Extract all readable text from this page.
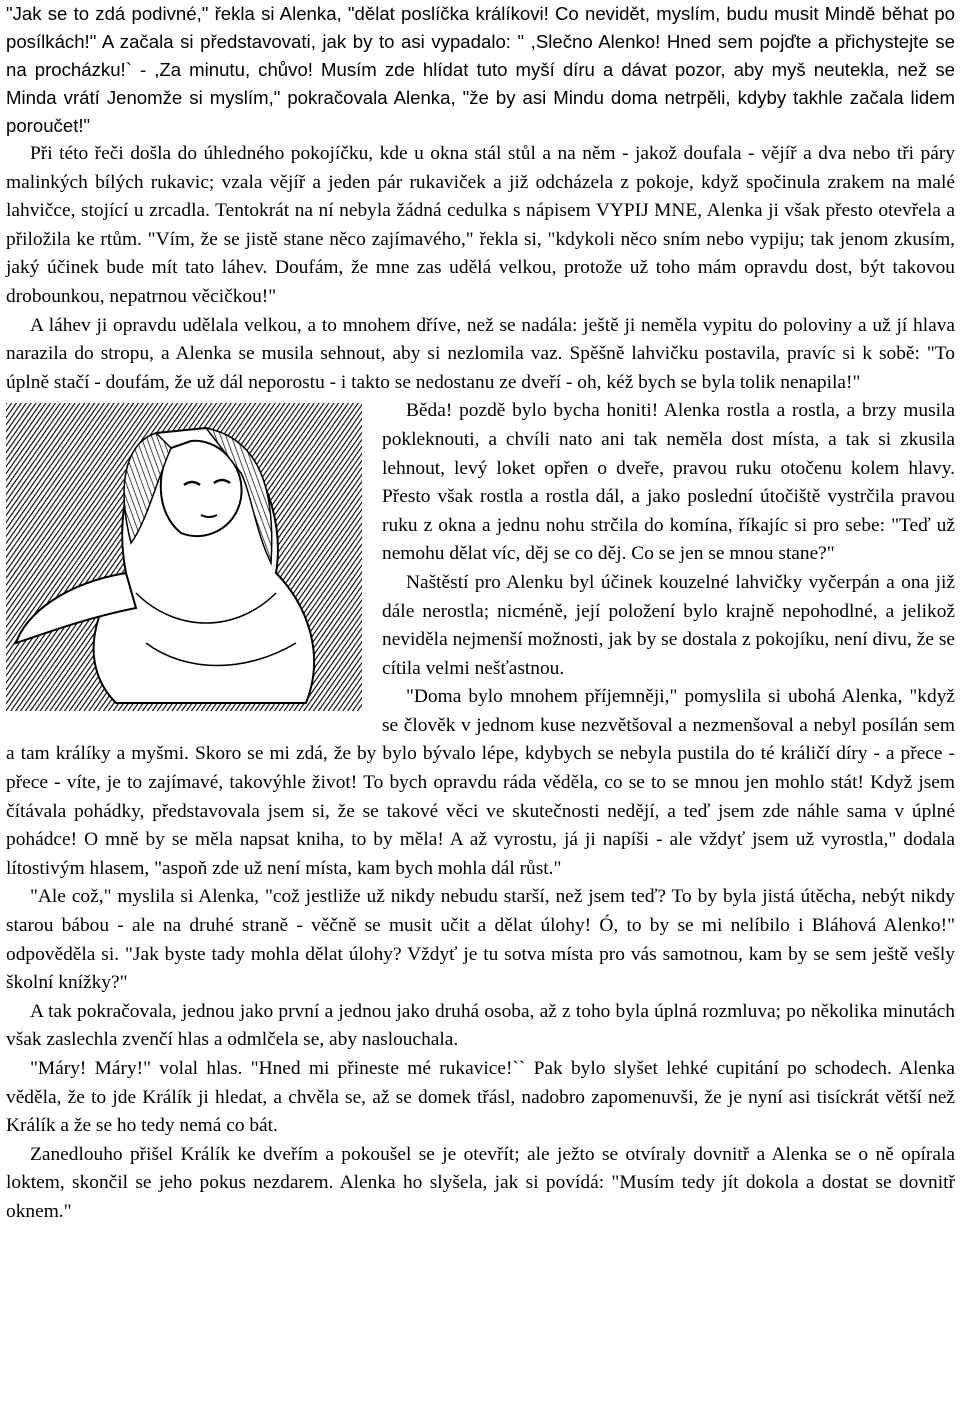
"Jak se to zdá podivné," řekla si Alenka, "dělat poslíčka králíkovi! Co nevidět, myslím, budu musit Mindě běhat po posílkách!" A začala si představovati, jak by to asi vypadalo: " ,Slečno Alenko! Hned sem pojďte a přichystejte se na procházku!` - ,Za minutu, chůvo! Musím zde hlídat tuto myší díru a dávat pozor, aby myš neutekla, než se Minda vrátí Jenomže si myslím," pokračovala Alenka, "že by asi Mindu doma netrpěli, kdyby takhle začala lidem poroučet!"

Při této řeči došla do úhledného pokojíčku, kde u okna stál stůl a na něm - jakož doufala - vějíř a dva nebo tři páry malinkých bílých rukavic; vzala vějíř a jeden pár rukaviček a již odcházela z pokoje, když spočinula zrakem na malé lahvičce, stojící u zrcadla. Tentokrát na ní nebyla žádná cedulka s nápisem VYPIJ MNE, Alenka ji však přesto otevřela a přiložila ke rtům. "Vím, že se jistě stane něco zajímavého," řekla si, "kdykoli něco sním nebo vypiju; tak jenom zkusím, jaký účinek bude mít tato láhev. Doufám, že mne zas udělá velkou, protože už toho mám opravdu dost, být takovou drobounkou, nepatrnou věcičkou!"

A láhev ji opravdu udělala velkou, a to mnohem dříve, než se nadála: ještě ji neměla vypitu do poloviny a už jí hlava narazila do stropu, a Alenka se musila sehnout, aby si nezlomila vaz. Spěšně lahvičku postavila, pravíc si k sobě: "To úplně stačí - doufám, že už dál neporostu - i takto se nedostanu ze dveří - oh, kéž bych se byla tolik nenapila!"

Běda! pozdě bylo bycha honiti! Alenka rostla a rostla, a brzy musila pokleknouti, a chvíli nato ani tak neměla dost místa, a tak si zkusila lehnout, levý loket opřen o dveře, pravou ruku otočenu kolem hlavy. Přesto však rostla a rostla dál, a jako poslední útočiště vystrčila pravou ruku z okna a jednu nohu strčila do komína, říkajíc si pro sebe: "Teď už nemohu dělat víc, děj se co děj. Co se jen se mnou stane?"

Naštěstí pro Alenku byl účinek kouzelné lahvičky vyčerpán a ona již dále nerostla; nicméně, její položení bylo krajně nepohodlné, a jelikož neviděla nejmenší možnosti, jak by se dostala z pokojíku, není divu, že se cítila velmi nešťastnou.

"Doma bylo mnohem příjemněji," pomyslila si ubohá Alenka, "když se člověk v jednom kuse nezvětšoval a nezmenšoval a nebyl posílán sem a tam králíky a myšmi. Skoro se mi zdá, že by bylo bývalo lépe, kdybych se nebyla pustila do té králičí díry - a přece - přece - víte, je to zajímavé, takovýhle život! To bych opravdu ráda věděla, co se to se mnou jen mohlo stát! Když jsem čítávala pohádky, představovala jsem si, že se takové věci ve skutečnosti nedějí, a teď jsem zde náhle sama v úplné pohádce! O mně by se měla napsat kniha, to by měla! A až vyrostu, já ji napíši - ale vždyť jsem už vyrostla," dodala lítostivým hlasem, "aspoň zde už není místa, kam bych mohla dál růst."

"Ale což," myslila si Alenka, "což jestliže už nikdy nebudu starší, než jsem teď? To by byla jistá útěcha, nebýt nikdy starou bábou - ale na druhé straně - věčně se musit učit a dělat úlohy! Ó, to by se mi nelíbilo i Bláhová Alenko!" odpověděla si. "Jak byste tady mohla dělat úlohy? Vždyť je tu sotva místa pro vás samotnou, kam by se sem ještě vešly školní knížky?"

A tak pokračovala, jednou jako první a jednou jako druhá osoba, až z toho byla úplná rozmluva; po několika minutách však zaslechla zvenčí hlas a odmlčela se, aby naslouchala.

"Máry! Máry!" volal hlas. "Hned mi přineste mé rukavice!`` Pak bylo slyšet lehké cupitání po schodech. Alenka věděla, že to jde Králík ji hledat, a chvěla se, až se domek třásl, nadobro zapomenuvši, že je nyní asi tisíckrát větší než Králík a že se ho tedy nemá co bát.

Zanedlouho přišel Králík ke dveřím a pokoušel se je otevřít; ale ježto se otvíraly dovnitř a Alenka se o ně opírala loktem, skončil se jeho pokus nezdarem. Alenka ho slyšela, jak si povídá: "Musím tedy jít dokola a dostat se dovnitř oknem."
